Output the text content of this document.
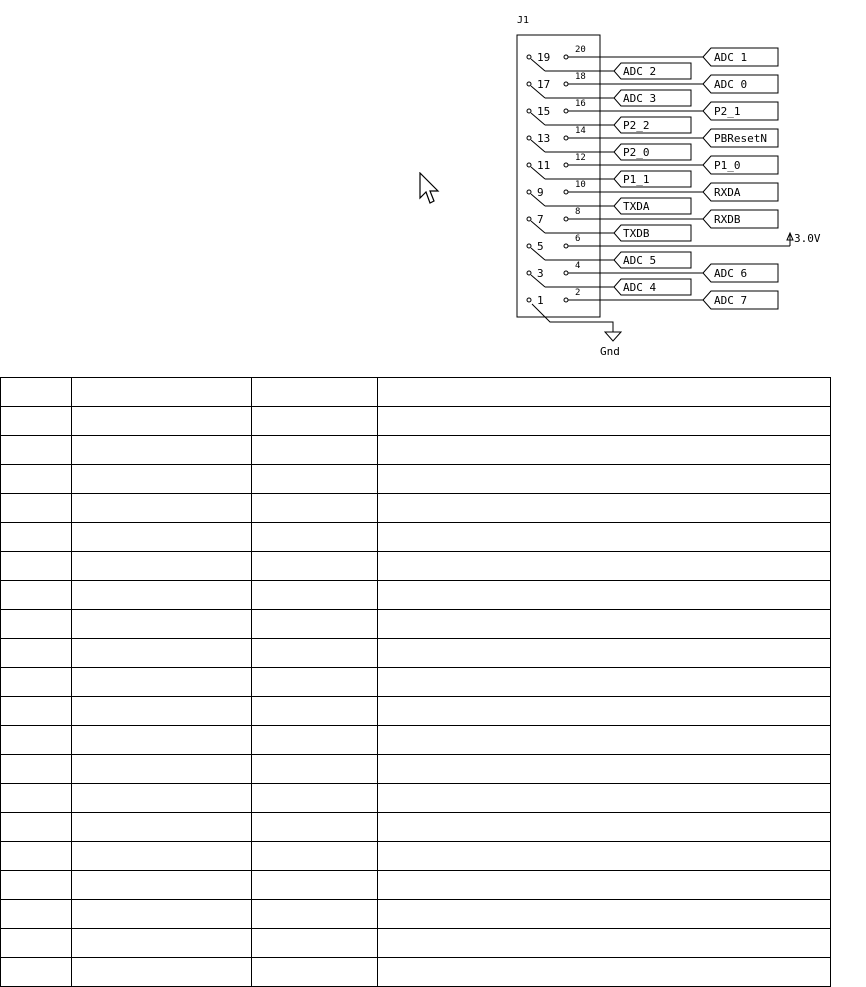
J1
19
17
15
13
11
9
7
5
3
1
20
18
16
14
12
10
8
6
4
2
ADC 1
ADC 0
P2_1
PBResetN
P1_0
RXDA
RXDB
ADC 6
ADC 7
ADC 2
ADC 3
P2_2
P2_0
P1_1
TXDA
TXDB
ADC 5
ADC 4
3.0V
Gnd
